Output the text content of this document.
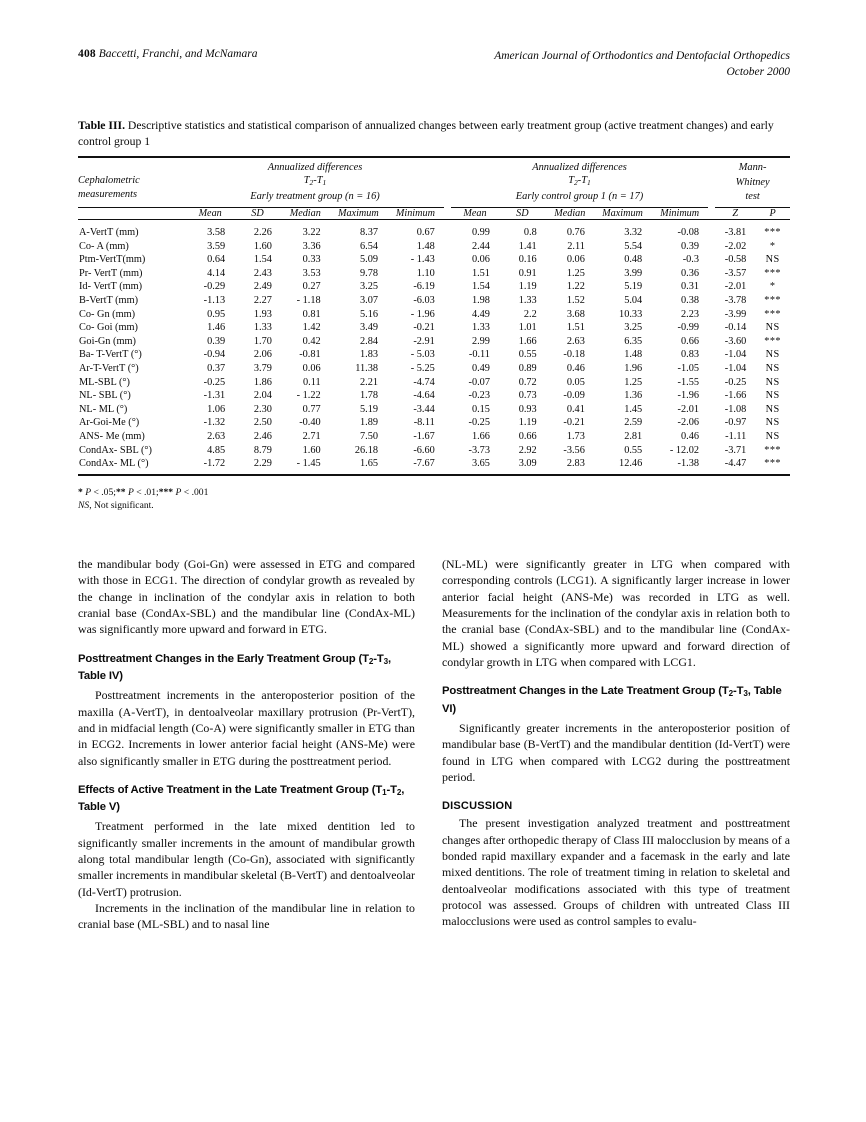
408 Baccetti, Franchi, and McNamara	American Journal of Orthodontics and Dentofacial Orthopedics
October 2000
Table III. Descriptive statistics and statistical comparison of annualized changes between early treatment group (active treatment changes) and early control group 1

Cephalometric
measurements	Annualized differences						Annualized differences						Mann-	
	$T_2-T_1$						$T_2-T_1$						Whitney	
	Early treatment group (n = 16)						Early control group 1 (n = 17)						test	

	Mean	SD	Median	Maximum	Minimum		Mean	SD	Median	Maximum	Minimum		Z	P

A-VertT (mm)	3.58	2.26	3.22	8.37	0.67		0.99	0.8	0.76	3.32	-0.08		-3.81	***
Co- A (mm)	3.59	1.60	3.36	6.54	1.48		2.44	1.41	2.11	5.54	0.39		-2.02	*
Ptm-VertT(mm)	0.64	1.54	0.33	5.09	- 1.43		0.06	0.16	0.06	0.48	-0.3		-0.58	NS
Pr- VertT (mm)	4.14	2.43	3.53	9.78	1.10		1.51	0.91	1.25	3.99	0.36		-3.57	***
Id- VertT (mm)	-0.29	2.49	0.27	3.25	-6.19		1.54	1.19	1.22	5.19	0.31		-2.01	*
B-VertT (mm)	-1.13	2.27	- 1.18	3.07	-6.03		1.98	1.33	1.52	5.04	0.38		-3.78	***
Co- Gn (mm)	0.95	1.93	0.81	5.16	- 1.96		4.49	2.2	3.68	10.33	2.23		-3.99	***
Co- Goi (mm)	1.46	1.33	1.42	3.49	-0.21		1.33	1.01	1.51	3.25	-0.99		-0.14	NS
Goi-Gn (mm)	0.39	1.70	0.42	2.84	-2.91		2.99	1.66	2.63	6.35	0.66		-3.60	***
Ba- T-VertT (°)	-0.94	2.06	-0.81	1.83	- 5.03		-0.11	0.55	-0.18	1.48	0.83		-1.04	NS
Ar-T-VertT (°)	0.37	3.79	0.06	11.38	- 5.25		0.49	0.89	0.46	1.96	-1.05		-1.04	NS
ML-SBL (°)	-0.25	1.86	0.11	2.21	-4.74		-0.07	0.72	0.05	1.25	-1.55		-0.25	NS
NL- SBL (°)	-1.31	2.04	- 1.22	1.78	-4.64		-0.23	0.73	-0.09	1.36	-1.96		-1.66	NS
NL- ML (°)	1.06	2.30	0.77	5.19	-3.44		0.15	0.93	0.41	1.45	-2.01		-1.08	NS
Ar-Goi-Me (°)	-1.32	2.50	-0.40	1.89	-8.11		-0.25	1.19	-0.21	2.59	-2.06		-0.97	NS
ANS- Me (mm)	2.63	2.46	2.71	7.50	-1.67		1.66	0.66	1.73	2.81	0.46		-1.11	NS
CondAx- SBL (°)	4.85	8.79	1.60	26.18	-6.60		-3.73	2.92	-3.56	0.55	- 12.02		-3.71	***
CondAx- ML (°)	-1.72	2.29	- 1.45	1.65	-7.67		3.65	3.09	2.83	12.46	-1.38		-4.47	***

* P < .05;** P < .01;*** P < .001
NS, Not significant.

the mandibular body (Goi-Gn) were assessed in ETG and compared with those in ECG1. The direction of condylar growth as revealed by the change in inclination of the condylar axis in relation to both cranial base (CondAx-SBL) and the mandibular line (CondAx-ML) was significantly more upward and forward in ETG.

Posttreatment Changes in the Early Treatment Group ($T_2-T_3$, Table IV)

Posttreatment increments in the anteroposterior position of the maxilla (A-VertT), in dentoalveolar maxillary protrusion (Pr-VertT), and in midfacial length (Co-A) were significantly smaller in ETG than in ECG2. Increments in lower anterior facial height (ANS-Me) were also significantly smaller in ETG during the posttreatment period.

Effects of Active Treatment in the Late Treatment Group ($T_1-T_2$, Table V)

Treatment performed in the late mixed dentition led to significantly smaller increments in the amount of mandibular growth along total mandibular length (Co-Gn), associated with significantly smaller increments in mandibular skeletal (B-VertT) and dentoalveolar (Id-VertT) protrusion.

Increments in the inclination of the mandibular line in relation to cranial base (ML-SBL) and to nasal line

(NL-ML) were significantly greater in LTG when compared with corresponding controls (LCG1). A significantly larger increase in lower anterior facial height (ANS-Me) was recorded in LTG as well. Measurements for the inclination of the condylar axis in relation both to the cranial base (CondAx-SBL) and to the mandibular line (CondAx-ML) showed a significantly more upward and forward direction of condylar growth in LTG when compared with LCG1.

Posttreatment Changes in the Late Treatment Group ($T_2-T_3$, Table VI)

Significantly greater increments in the anteroposterior position of mandibular base (B-VertT) and the mandibular dentition (Id-VertT) were found in LTG when compared with LCG2 during the posttreatment period.

DISCUSSION

The present investigation analyzed treatment and posttreatment changes after orthopedic therapy of Class III malocclusion by means of a bonded rapid maxillary expander and a facemask in the early and late mixed dentitions. The role of treatment timing in relation to skeletal and dentoalveolar modifications associated with this type of treatment protocol was assessed. Groups of children with untreated Class III malocclusions were used as control samples to evalu-
